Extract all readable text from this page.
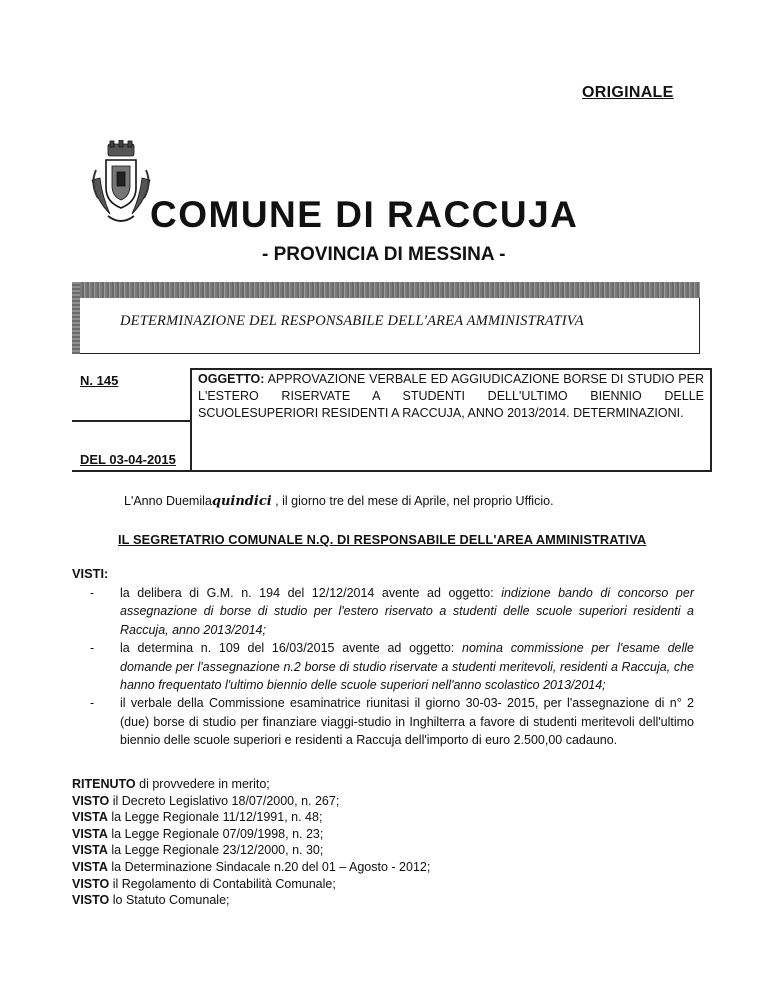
ORIGINALE
COMUNE DI RACCUJA
- PROVINCIA DI MESSINA -
DETERMINAZIONE DEL RESPONSABILE DELL'AREA AMMINISTRATIVA
N. 145
DEL 03-04-2015
OGGETTO: APPROVAZIONE VERBALE ED AGGIUDICAZIONE BORSE DI STUDIO PER L'ESTERO RISERVATE A STUDENTI DELL'ULTIMO BIENNIO DELLE SCUOLESUPERIORI RESIDENTI A RACCUJA, ANNO 2013/2014. DETERMINAZIONI.
L'Anno Duemilaquindici , il giorno tre del mese di Aprile, nel proprio Ufficio.
IL SEGRETATRIO COMUNALE N.Q. DI RESPONSABILE DELL'AREA AMMINISTRATIVA
VISTI:
- la delibera di G.M. n. 194 del 12/12/2014 avente ad oggetto: indizione bando di concorso per assegnazione di borse di studio per l'estero riservato a studenti delle scuole superiori residenti a Raccuja, anno 2013/2014;
- la determina n. 109 del 16/03/2015 avente ad oggetto: nomina commissione per l'esame delle domande per l'assegnazione n.2 borse di studio riservate a studenti meritevoli, residenti a Raccuja, che hanno frequentato l'ultimo biennio delle scuole superiori nell'anno scolastico 2013/2014;
- il verbale della Commissione esaminatrice riunitasi il giorno 30-03- 2015, per l'assegnazione di n° 2 (due) borse di studio per finanziare viaggi-studio in Inghilterra a favore di studenti meritevoli dell'ultimo biennio delle scuole superiori e residenti a Raccuja dell'importo di euro 2.500,00 cadauno.
RITENUTO di provvedere in merito;
VISTO il Decreto Legislativo 18/07/2000, n. 267;
VISTA la Legge Regionale 11/12/1991, n. 48;
VISTA la Legge Regionale 07/09/1998, n. 23;
VISTA la Legge Regionale 23/12/2000, n. 30;
VISTA la Determinazione Sindacale n.20 del 01 – Agosto - 2012;
VISTO il Regolamento di Contabilità Comunale;
VISTO lo Statuto Comunale;
